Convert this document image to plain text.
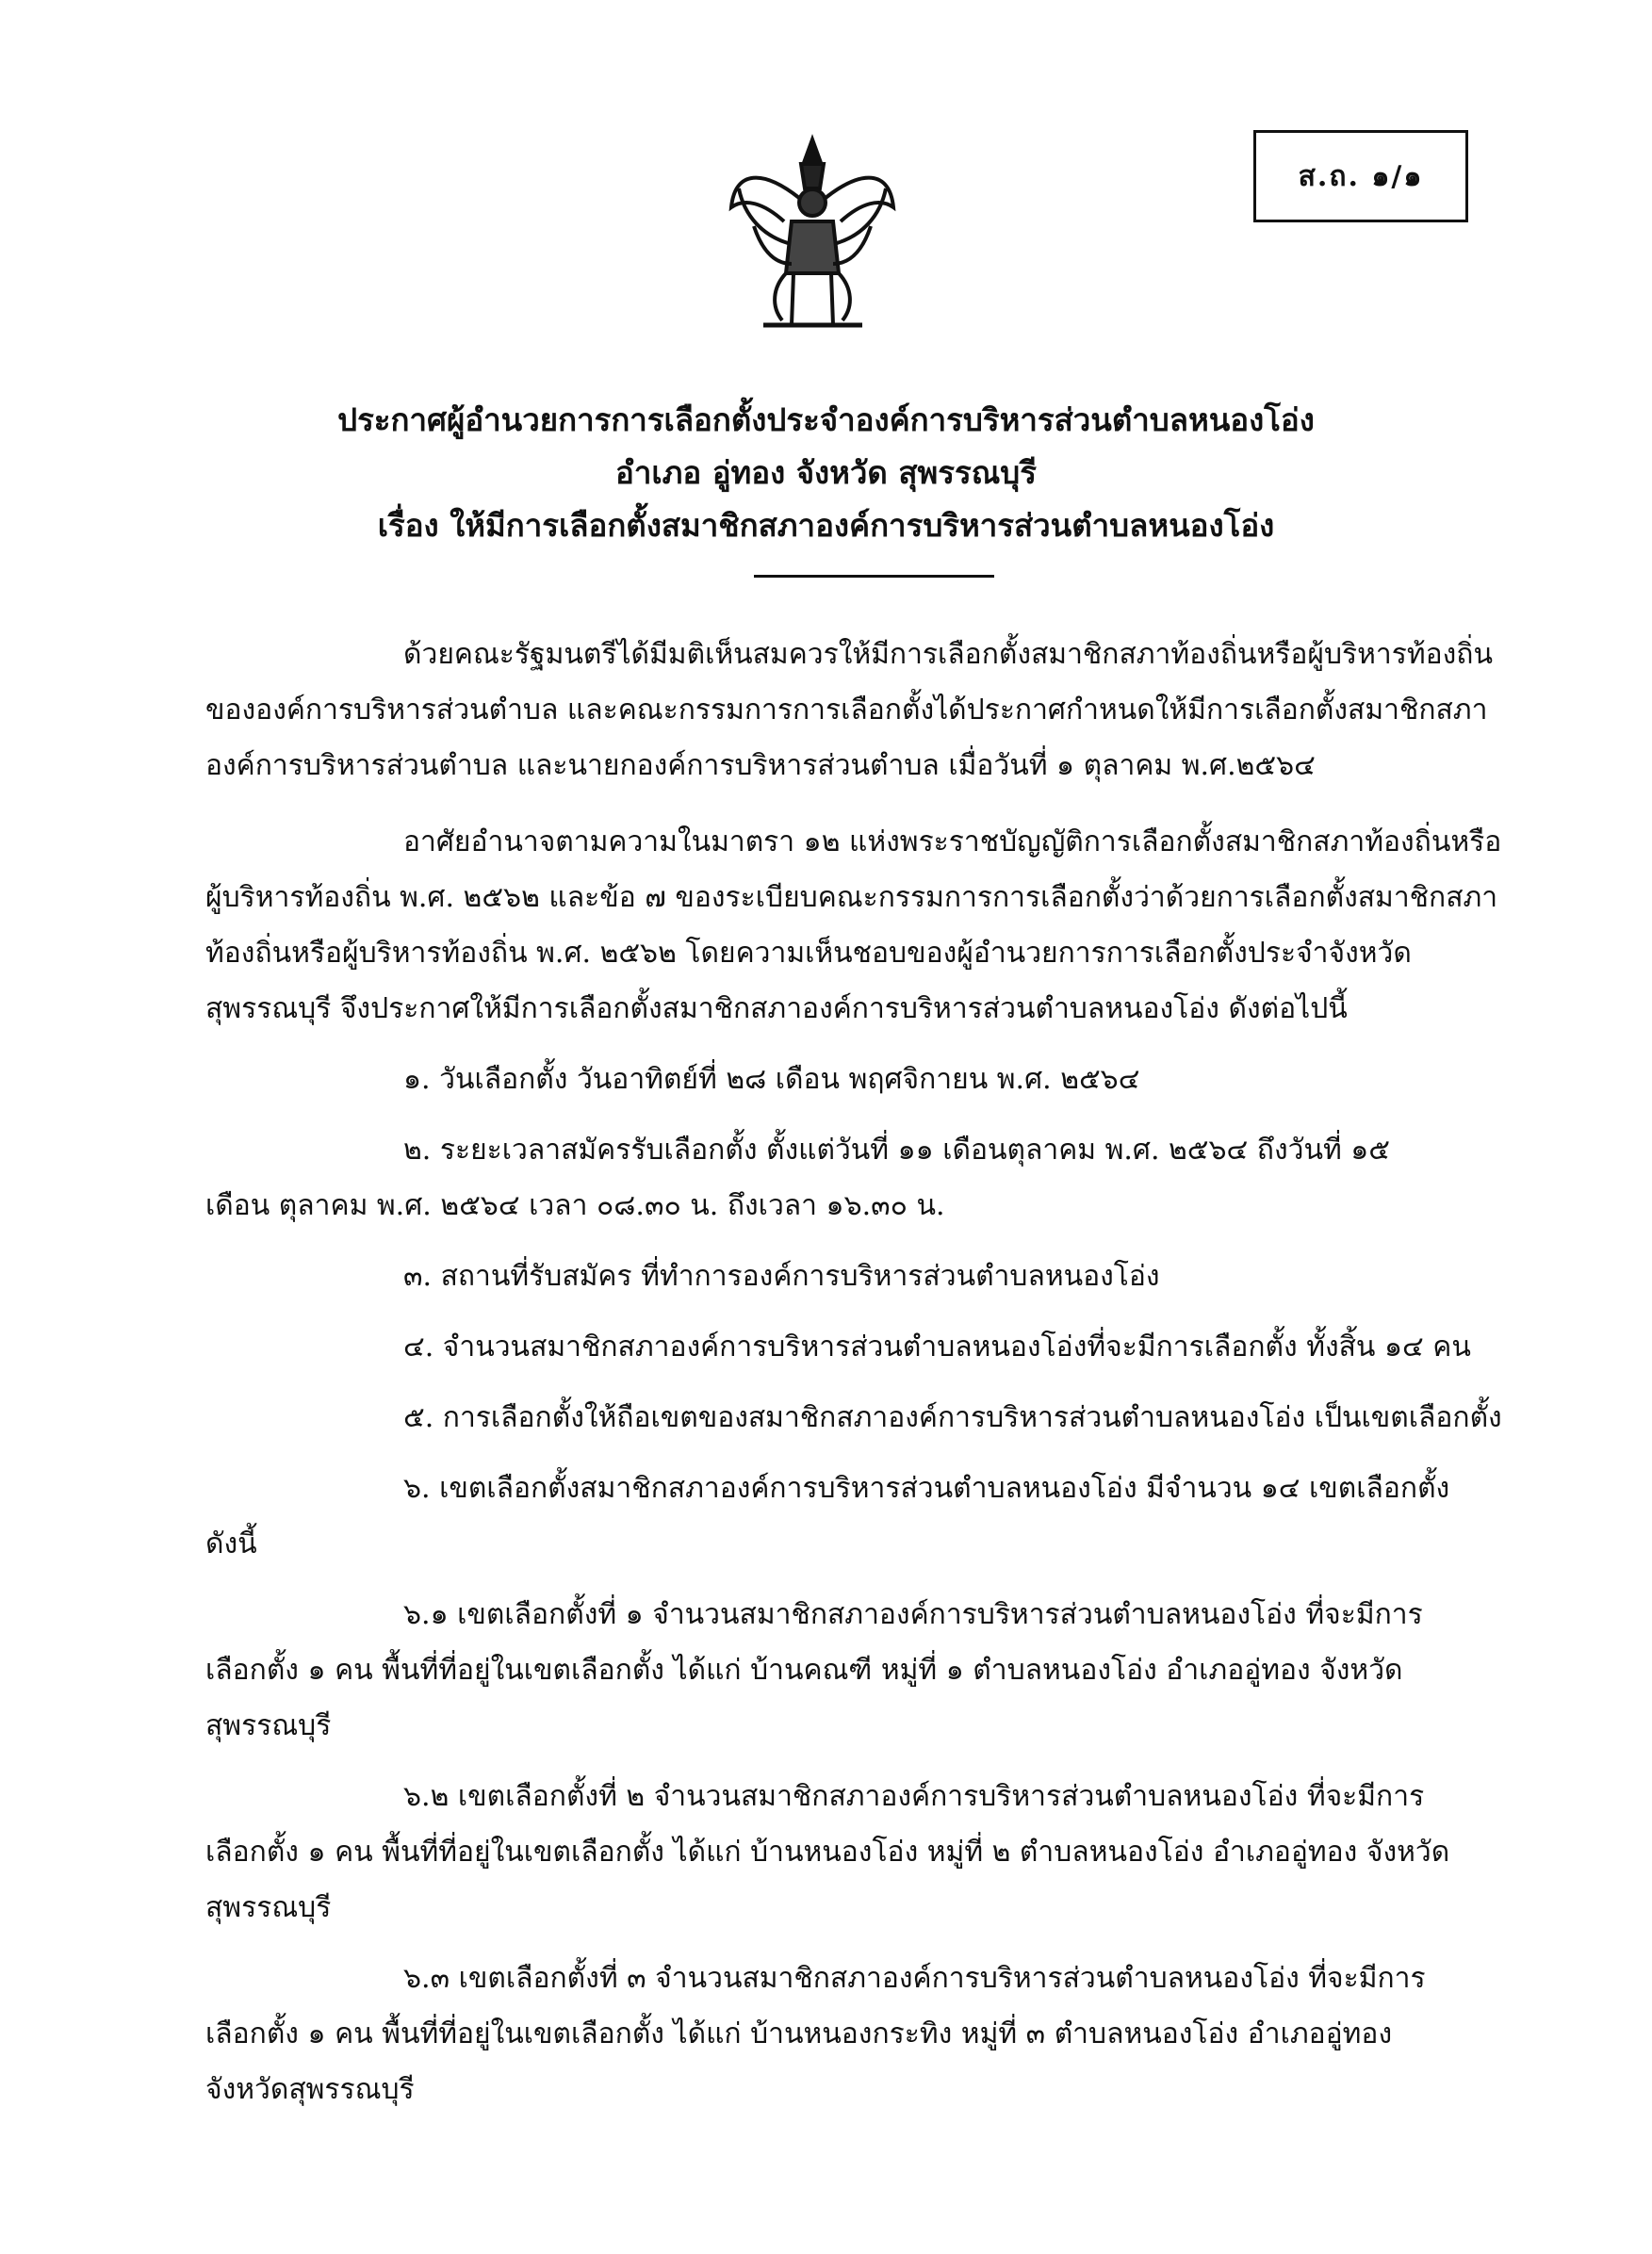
ส.ถ. ๑/๑
ประกาศผู้อำนวยการการเลือกตั้งประจำองค์การบริหารส่วนตำบลหนองโอ่ง
อำเภอ อู่ทอง จังหวัด สุพรรณบุรี
เรื่อง ให้มีการเลือกตั้งสมาชิกสภาองค์การบริหารส่วนตำบลหนองโอ่ง

ด้วยคณะรัฐมนตรีได้มีมติเห็นสมควรให้มีการเลือกตั้งสมาชิกสภาท้องถิ่นหรือผู้บริหารท้องถิ่น
ขององค์การบริหารส่วนตำบล และคณะกรรมการการเลือกตั้งได้ประกาศกำหนดให้มีการเลือกตั้งสมาชิกสภา
องค์การบริหารส่วนตำบล และนายกองค์การบริหารส่วนตำบล เมื่อวันที่ ๑ ตุลาคม พ.ศ.๒๕๖๔

อาศัยอำนาจตามความในมาตรา ๑๒ แห่งพระราชบัญญัติการเลือกตั้งสมาชิกสภาท้องถิ่นหรือ
ผู้บริหารท้องถิ่น พ.ศ. ๒๕๖๒ และข้อ ๗ ของระเบียบคณะกรรมการการเลือกตั้งว่าด้วยการเลือกตั้งสมาชิกสภา
ท้องถิ่นหรือผู้บริหารท้องถิ่น พ.ศ. ๒๕๖๒ โดยความเห็นชอบของผู้อำนวยการการเลือกตั้งประจำจังหวัด
สุพรรณบุรี จึงประกาศให้มีการเลือกตั้งสมาชิกสภาองค์การบริหารส่วนตำบลหนองโอ่ง ดังต่อไปนี้

๑. วันเลือกตั้ง วันอาทิตย์ที่ ๒๘ เดือน พฤศจิกายน พ.ศ. ๒๕๖๔

๒. ระยะเวลาสมัครรับเลือกตั้ง ตั้งแต่วันที่ ๑๑ เดือนตุลาคม พ.ศ. ๒๕๖๔ ถึงวันที่ ๑๕
เดือน ตุลาคม พ.ศ. ๒๕๖๔ เวลา ๐๘.๓๐ น. ถึงเวลา ๑๖.๓๐ น.

๓. สถานที่รับสมัคร ที่ทำการองค์การบริหารส่วนตำบลหนองโอ่ง

๔. จำนวนสมาชิกสภาองค์การบริหารส่วนตำบลหนองโอ่งที่จะมีการเลือกตั้ง ทั้งสิ้น ๑๔ คน

๕. การเลือกตั้งให้ถือเขตของสมาชิกสภาองค์การบริหารส่วนตำบลหนองโอ่ง เป็นเขตเลือกตั้ง

๖. เขตเลือกตั้งสมาชิกสภาองค์การบริหารส่วนตำบลหนองโอ่ง มีจำนวน ๑๔ เขตเลือกตั้ง
ดังนี้

๖.๑ เขตเลือกตั้งที่ ๑ จำนวนสมาชิกสภาองค์การบริหารส่วนตำบลหนองโอ่ง ที่จะมีการ
เลือกตั้ง ๑ คน พื้นที่ที่อยู่ในเขตเลือกตั้ง ได้แก่ บ้านคณฑี หมู่ที่ ๑ ตำบลหนองโอ่ง อำเภออู่ทอง จังหวัด
สุพรรณบุรี

๖.๒ เขตเลือกตั้งที่ ๒ จำนวนสมาชิกสภาองค์การบริหารส่วนตำบลหนองโอ่ง ที่จะมีการ
เลือกตั้ง ๑ คน พื้นที่ที่อยู่ในเขตเลือกตั้ง ได้แก่ บ้านหนองโอ่ง หมู่ที่ ๒ ตำบลหนองโอ่ง อำเภออู่ทอง จังหวัด
สุพรรณบุรี

๖.๓ เขตเลือกตั้งที่ ๓ จำนวนสมาชิกสภาองค์การบริหารส่วนตำบลหนองโอ่ง ที่จะมีการ
เลือกตั้ง ๑ คน พื้นที่ที่อยู่ในเขตเลือกตั้ง ได้แก่ บ้านหนองกระทิง หมู่ที่ ๓ ตำบลหนองโอ่ง อำเภออู่ทอง
จังหวัดสุพรรณบุรี
